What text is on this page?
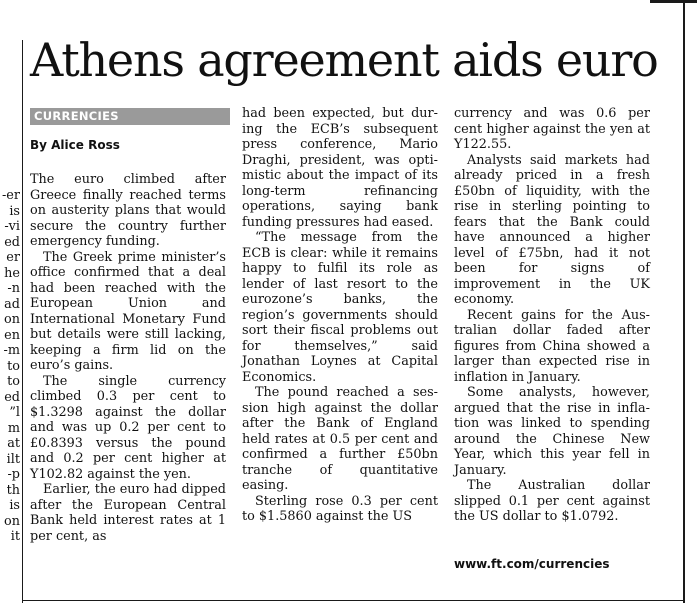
er-
is
vi-
ed
er
he
n-
ad
on
en
m-
to
to
ed
l”
m
at
ilt
p-
th
is
on
it
Athens agreement aids euro
CURRENCIES
By Alice Ross

The euro climbed after Greece finally reached terms on austerity plans that would secure the country further emergency funding.

The Greek prime minister’s office confirmed that a deal had been reached with the European Union and International Monetary Fund but details were still lacking, keeping a firm lid on the euro’s gains.

The single currency climbed 0.3 per cent to $1.3298 against the dollar and was up 0.2 per cent to £0.8393 versus the pound and 0.2 per cent higher at Y102.82 against the yen.

Earlier, the euro had dipped after the European Central Bank held interest rates at 1 per cent, as

had been expected, but during the ECB’s subsequent press conference, Mario Draghi, president, was optimistic about the impact of its long-term refinancing operations, saying bank funding pressures had eased.

“The message from the ECB is clear: while it remains happy to fulfil its role as lender of last resort to the eurozone’s banks, the region’s governments should sort their fiscal problems out for themselves,” said Jonathan Loynes at Capital Economics.

The pound reached a session high against the dollar after the Bank of England held rates at 0.5 per cent and confirmed a further £50bn tranche of quantitative easing.

Sterling rose 0.3 per cent to $1.5860 against the US

currency and was 0.6 per cent higher against the yen at Y122.55.

Analysts said markets had already priced in a fresh £50bn of liquidity, with the rise in sterling pointing to fears that the Bank could have announced a higher level of £75bn, had it not been for signs of improvement in the UK economy.

Recent gains for the Australian dollar faded after figures from China showed a larger than expected rise in inflation in January.

Some analysts, however, argued that the rise in inflation was linked to spending around the Chinese New Year, which this year fell in January.

The Australian dollar slipped 0.1 per cent against the US dollar to $1.0792.

www.ft.com/currencies
